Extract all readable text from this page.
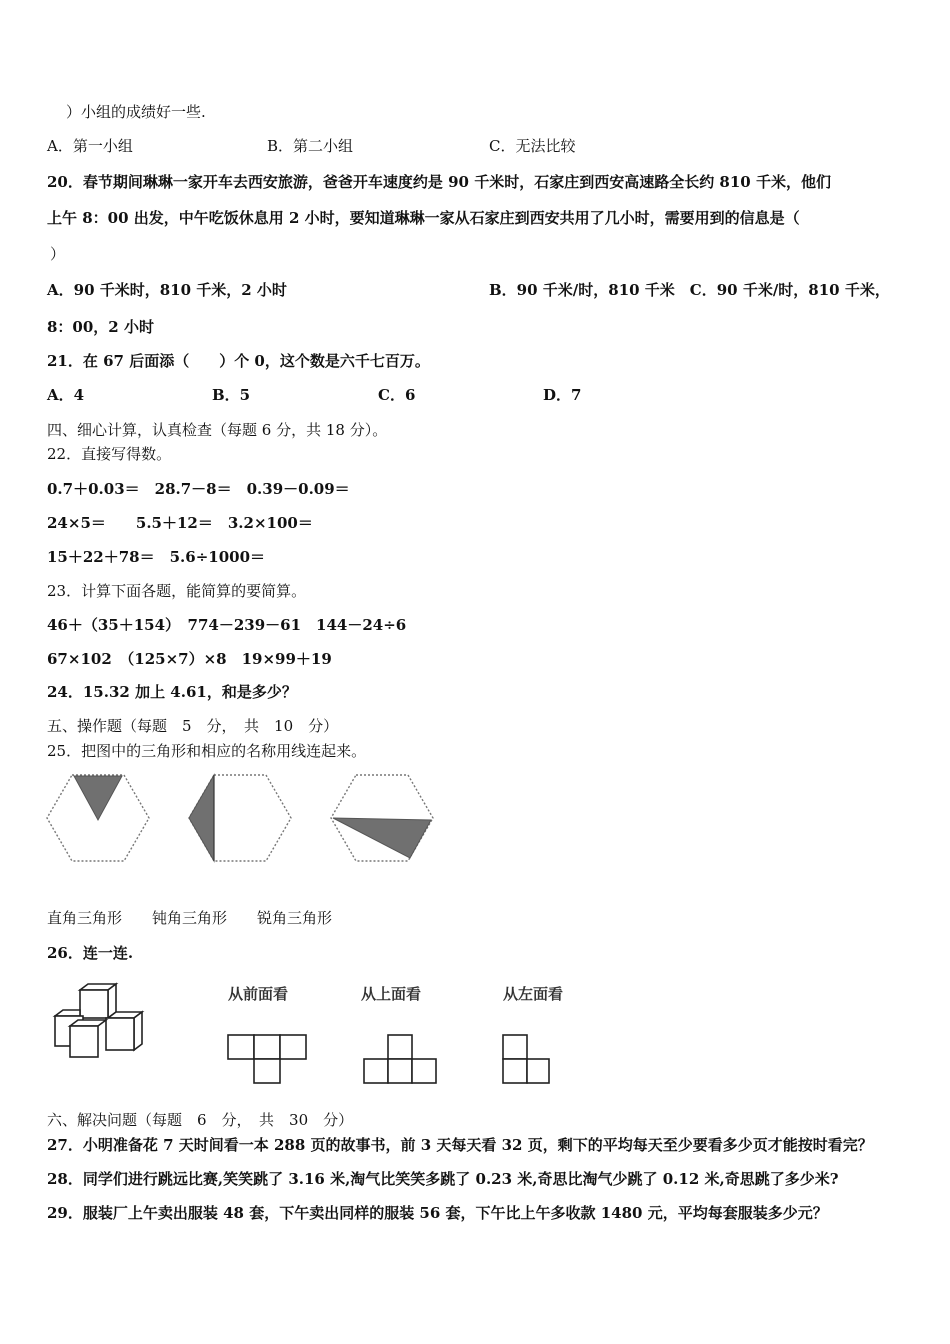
）小组的成绩好一些.
A．第一小组	B．第二小组	C．无法比较
20．春节期间琳琳一家开车去西安旅游，爸爸开车速度约是 90 千米时，石家庄到西安高速路全长约 810 千米，他们
上午 8：00 出发，中午吃饭休息用 2 小时，要知道琳琳一家从石家庄到西安共用了几小时，需要用到的信息是（
）
A．90 千米时，810 千米，2 小时	B．90 千米/时，810 千米　C．90 千米/时，810 千米，
8：00，2 小时
21．在 67 后面添（　　）个 0，这个数是六千七百万。
A．4	B．5	C．6	D．7
四、细心计算，认真检查（每题 6 分，共 18 分）。
22．直接写得数。
0.7＋0.03＝　28.7－8＝　0.39－0.09＝
24×5＝　　5.5＋12＝　3.2×100＝
15＋22＋78＝　5.6÷1000＝
23．计算下面各题，能简算的要简算。
46＋（35＋154）　774－239－61　144－24÷6
67×102　（125×7）×8　19×99＋19
24．15.32 加上 4.61，和是多少？
五、操作题（每题　5　分，　共　10　分）
25．把图中的三角形和相应的名称用线连起来。
直角三角形　　钝角三角形　　锐角三角形
26．连一连.
从前面看	从上面看	从左面看
六、解决问题（每题　6　分，　共　30　分）
27．小明准备花 7 天时间看一本 288 页的故事书，前 3 天每天看 32 页，剩下的平均每天至少要看多少页才能按时看完？
28．同学们进行跳远比赛,笑笑跳了 3.16 米,淘气比笑笑多跳了 0.23 米,奇思比淘气少跳了 0.12 米,奇思跳了多少米?
29．服装厂上午卖出服装 48 套，下午卖出同样的服装 56 套，下午比上午多收款 1480 元，平均每套服装多少元？
